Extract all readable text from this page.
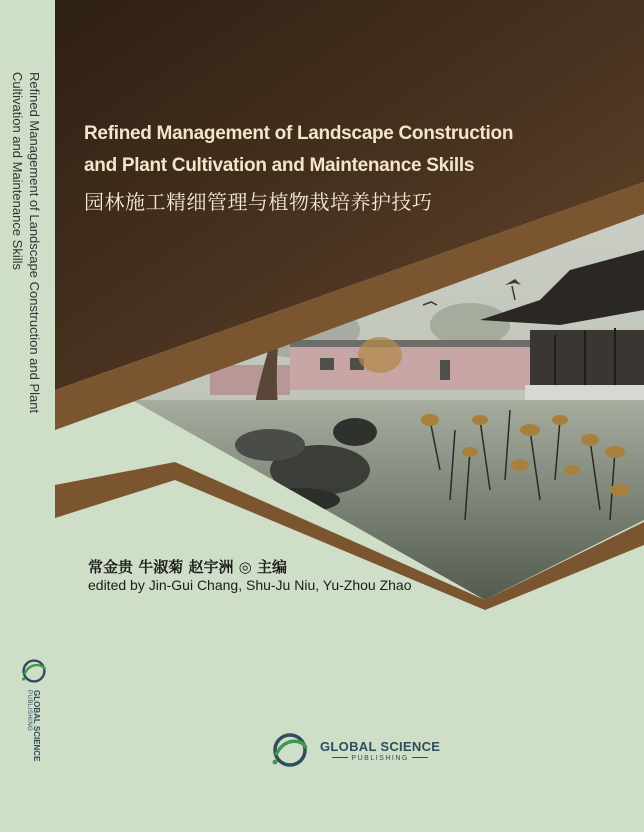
Refined Management of Landscape Construction and Plant
Cultivation and Maintenance Skills	Refined Management of Landscape Construction
and Plant Cultivation and Maintenance Skills
园林施工精细管理与植物栽培养护技巧
常金贵 牛淑菊 赵宇洲 ◎ 主编
edited by Jin-Gui Chang, Shu-Ju Niu, Yu-Zhou Zhao
GLOBAL SCIENCE
PUBLISHING
GLOBAL SCIENCE
PUBLISHING
